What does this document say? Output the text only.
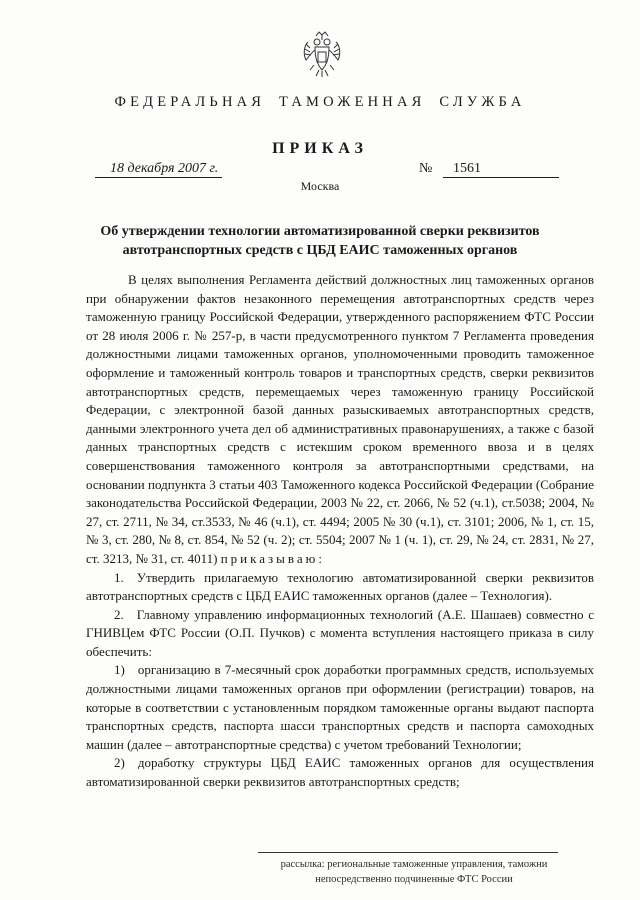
ФЕДЕРАЛЬНАЯ ТАМОЖЕННАЯ СЛУЖБА
ПРИКАЗ
18 декабря 2007 г.	№	1561
Москва
Об утверждении технологии автоматизированной сверки реквизитов автотранспортных средств с ЦБД ЕАИС таможенных органов

В целях выполнения Регламента действий должностных лиц таможенных органов при обнаружении фактов незаконного перемещения автотранспортных средств через таможенную границу Российской Федерации, утвержденного распоряжением ФТС России от 28 июля 2006 г. № 257-р, в части предусмотренного пунктом 7 Регламента проведения должностными лицами таможенных органов, уполномоченными проводить таможенное оформление и таможенный контроль товаров и транспортных средств, сверки реквизитов автотранспортных средств, перемещаемых через таможенную границу Российской Федерации, с электронной базой данных разыскиваемых автотранспортных средств, данными электронного учета дел об административных правонарушениях, а также с базой данных транспортных средств с истекшим сроком временного ввоза и в целях совершенствования таможенного контроля за автотранспортными средствами, на основании подпункта 3 статьи 403 Таможенного кодекса Российской Федерации (Собрание законодательства Российской Федерации, 2003 № 22, ст. 2066, № 52 (ч.1), ст.5038; 2004, № 27, ст. 2711, № 34, ст.3533, № 46 (ч.1), ст. 4494; 2005 № 30 (ч.1), ст. 3101; 2006, № 1, ст. 15, № 3, ст. 280, № 8, ст. 854, № 52 (ч. 2); ст. 5504; 2007 № 1 (ч. 1), ст. 29, № 24, ст. 2831, № 27, ст. 3213, № 31, ст. 4011) приказываю:

1. Утвердить прилагаемую технологию автоматизированной сверки реквизитов автотранспортных средств с ЦБД ЕАИС таможенных органов (далее – Технология).

2. Главному управлению информационных технологий (А.Е. Шашаев) совместно с ГНИВЦем ФТС России (О.П. Пучков) с момента вступления настоящего приказа в силу обеспечить:

1) организацию в 7-месячный срок доработки программных средств, используемых должностными лицами таможенных органов при оформлении (регистрации) товаров, на которые в соответствии с установленным порядком таможенные органы выдают паспорта транспортных средств, паспорта шасси транспортных средств и паспорта самоходных машин (далее – автотранспортные средства) с учетом требований Технологии;

2) доработку структуры ЦБД ЕАИС таможенных органов для осуществления автоматизированной сверки реквизитов автотранспортных средств;

рассылка: региональные таможенные управления, таможни непосредственно подчиненные ФТС России
